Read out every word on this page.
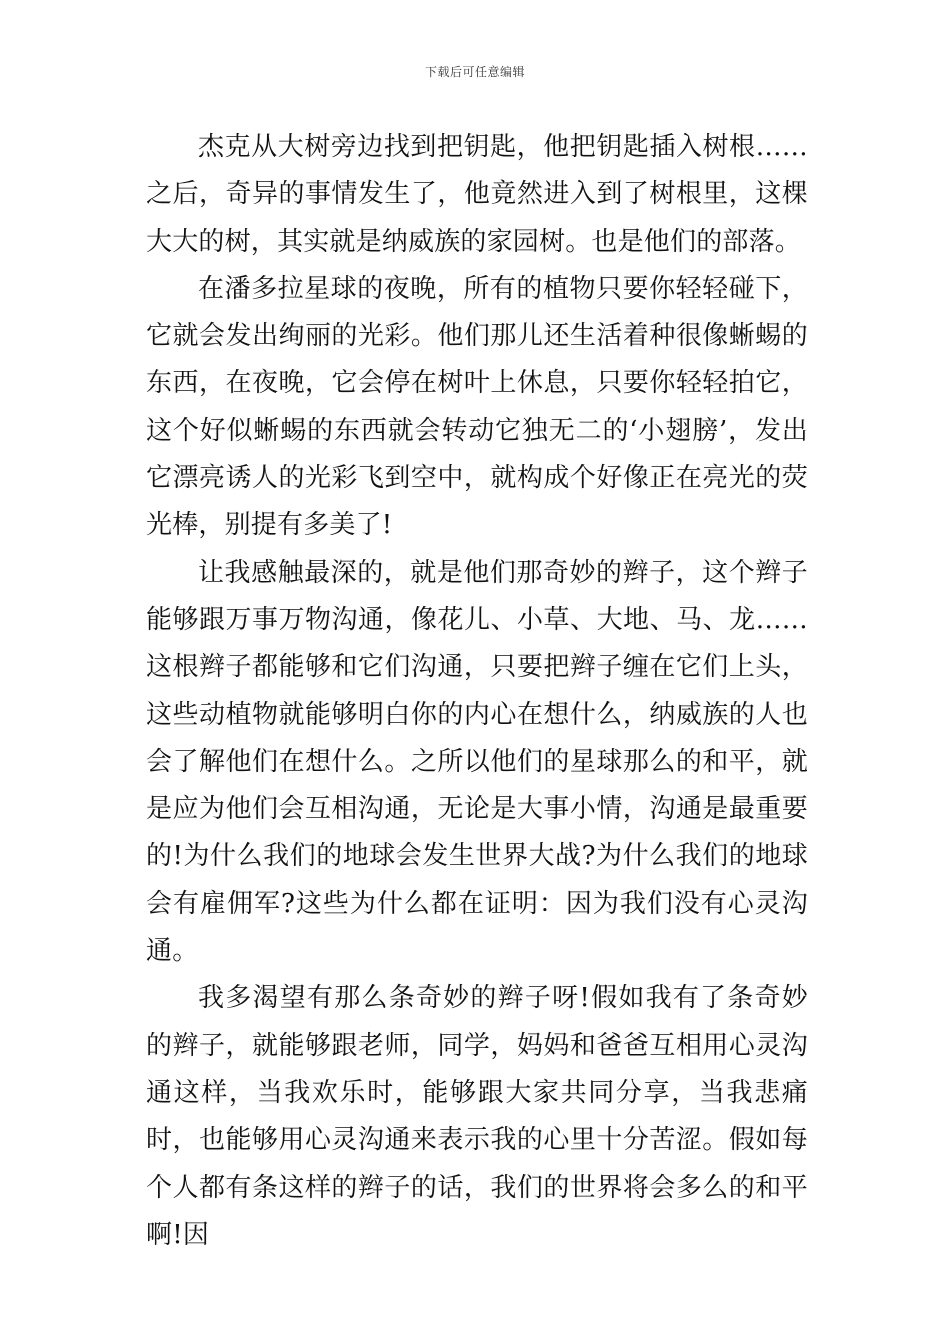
下载后可任意编辑

杰克从大树旁边找到把钥匙，他把钥匙插入树根……之后，奇异的事情发生了，他竟然进入到了树根里，这棵大大的树，其实就是纳威族的家园树。也是他们的部落。

在潘多拉星球的夜晚，所有的植物只要你轻轻碰下，它就会发出绚丽的光彩。他们那儿还生活着种很像蜥蜴的东西，在夜晚，它会停在树叶上休息，只要你轻轻拍它，这个好似蜥蜴的东西就会转动它独无二的‘小翅膀’，发出它漂亮诱人的光彩飞到空中，就构成个好像正在亮光的荧光棒，别提有多美了!

让我感触最深的，就是他们那奇妙的辫子，这个辫子能够跟万事万物沟通，像花儿、小草、大地、马、龙……这根辫子都能够和它们沟通，只要把辫子缠在它们上头，这些动植物就能够明白你的内心在想什么，纳威族的人也会了解他们在想什么。之所以他们的星球那么的和平，就是应为他们会互相沟通，无论是大事小情，沟通是最重要的!为什么我们的地球会发生世界大战?为什么我们的地球会有雇佣军?这些为什么都在证明：因为我们没有心灵沟通。

我多渴望有那么条奇妙的辫子呀!假如我有了条奇妙的辫子，就能够跟老师，同学，妈妈和爸爸互相用心灵沟通这样，当我欢乐时，能够跟大家共同分享，当我悲痛时，也能够用心灵沟通来表示我的心里十分苦涩。假如每个人都有条这样的辫子的话，我们的世界将会多么的和平啊!因
